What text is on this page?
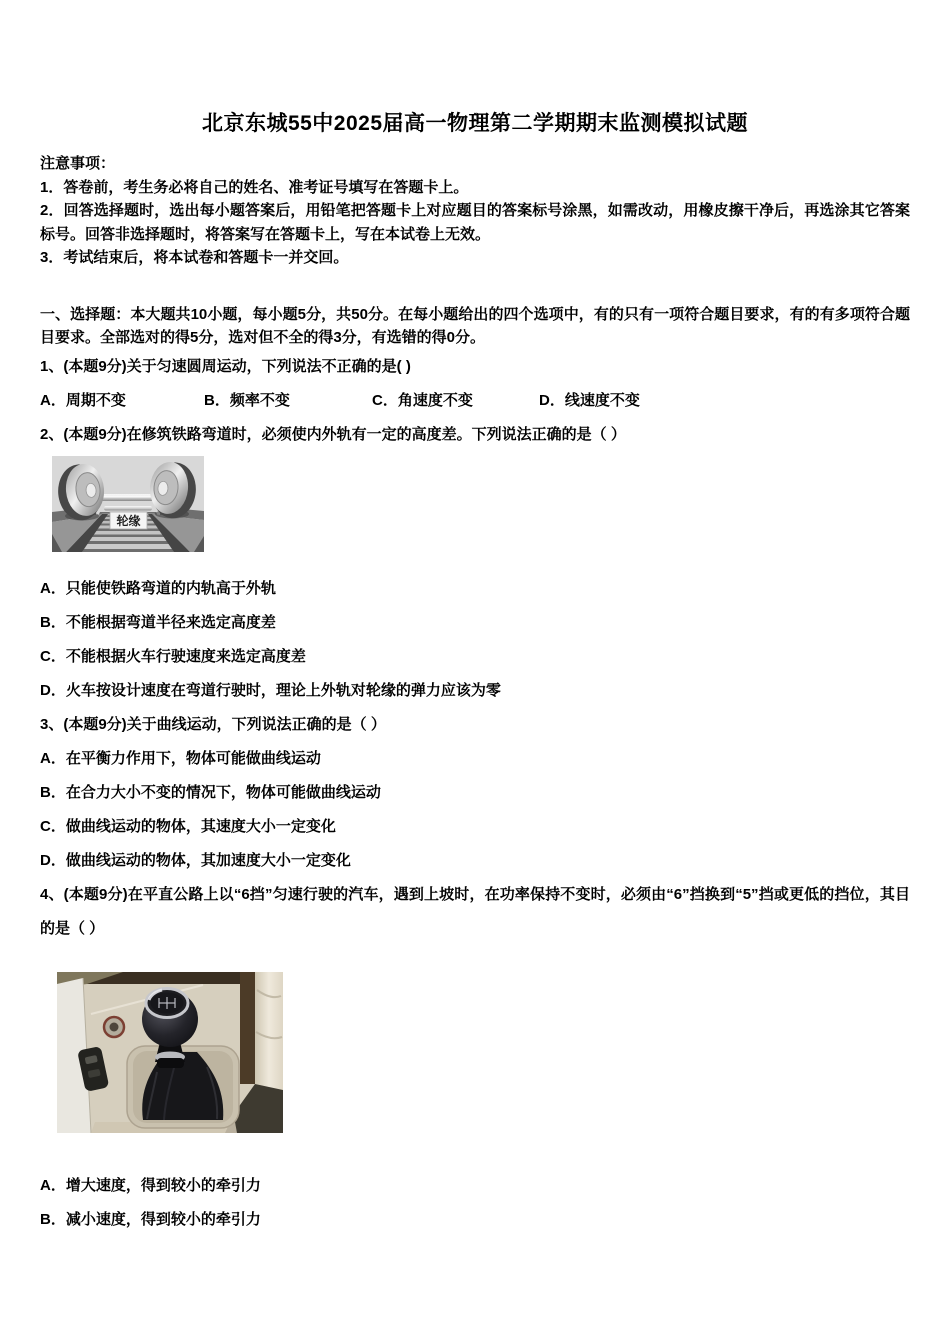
北京东城55中2025届高一物理第二学期期末监测模拟试题
注意事项：
1．答卷前，考生务必将自己的姓名、准考证号填写在答题卡上。
2．回答选择题时，选出每小题答案后，用铅笔把答题卡上对应题目的答案标号涂黑，如需改动，用橡皮擦干净后，再选涂其它答案标号。回答非选择题时，将答案写在答题卡上，写在本试卷上无效。
3．考试结束后，将本试卷和答题卡一并交回。
一、选择题：本大题共10小题，每小题5分，共50分。在每小题给出的四个选项中，有的只有一项符合题目要求，有的有多项符合题目要求。全部选对的得5分，选对但不全的得3分，有选错的得0分。
1、(本题9分)关于匀速圆周运动，下列说法不正确的是( )
A．周期不变	B．频率不变	C．角速度不变	D．线速度不变
2、(本题9分)在修筑铁路弯道时，必须使内外轨有一定的高度差。下列说法正确的是（ ）
轮缘
A．只能使铁路弯道的内轨高于外轨
B．不能根据弯道半径来选定高度差
C．不能根据火车行驶速度来选定高度差
D．火车按设计速度在弯道行驶时，理论上外轨对轮缘的弹力应该为零
3、(本题9分)关于曲线运动，下列说法正确的是（ ）
A．在平衡力作用下，物体可能做曲线运动
B．在合力大小不变的情况下，物体可能做曲线运动
C．做曲线运动的物体，其速度大小一定变化
D．做曲线运动的物体，其加速度大小一定变化
4、(本题9分)在平直公路上以“6挡”匀速行驶的汽车，遇到上坡时，在功率保持不变时，必须由“6”挡换到“5”挡或更低的挡位，其目的是（ ）
A．增大速度，得到较小的牵引力
B．减小速度，得到较小的牵引力
